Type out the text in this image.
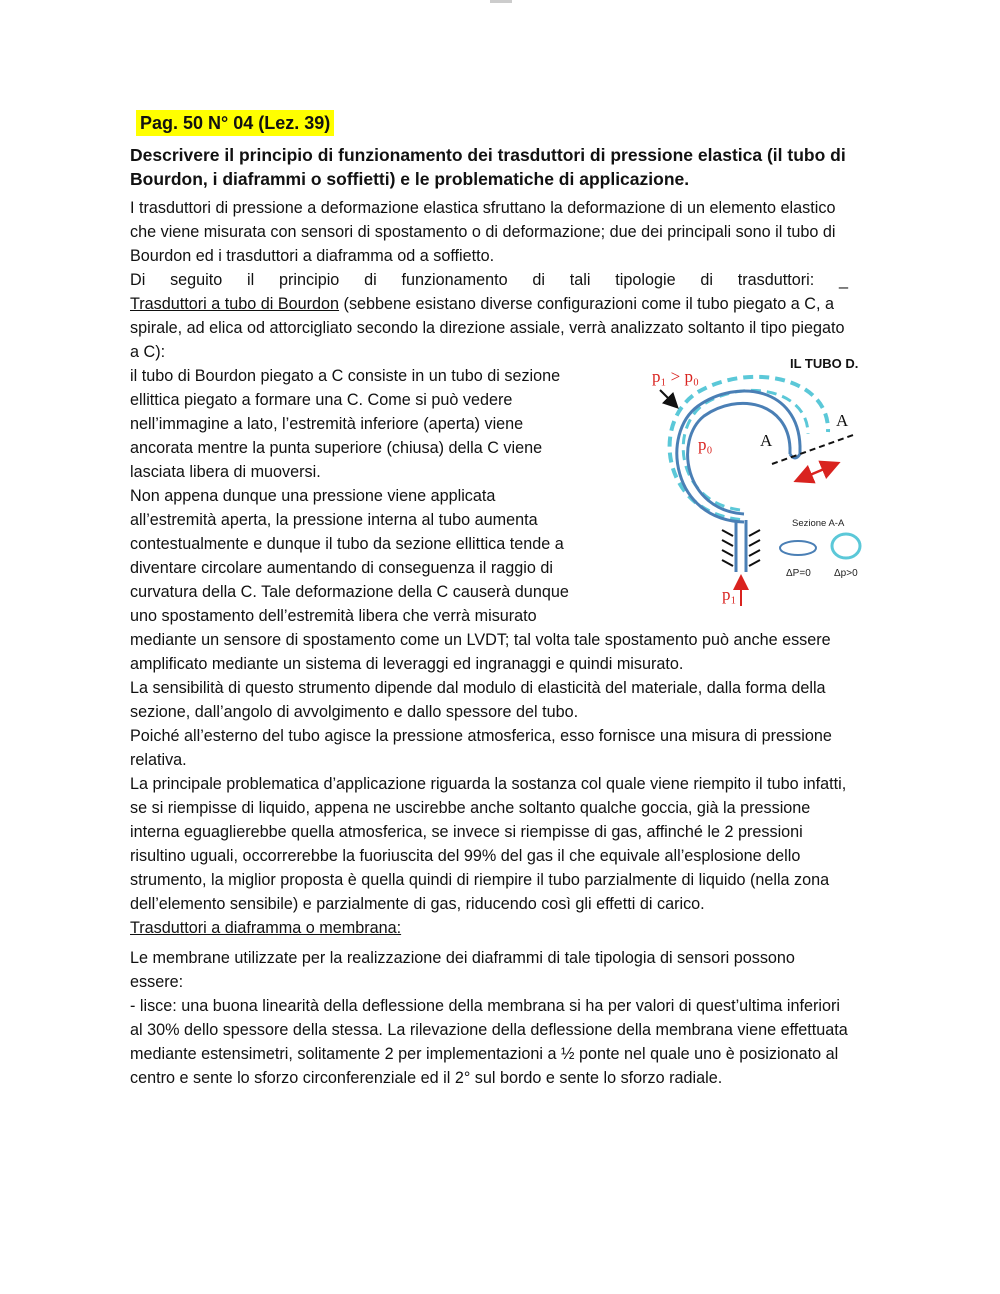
Pag. 50 N° 04 (Lez. 39)
Descrivere il principio di funzionamento dei trasduttori di pressione elastica (il tubo di Bourdon, i diaframmi o soffietti) e le problematiche di applicazione.

I trasduttori di pressione a deformazione elastica sfruttano la deformazione di un elemento elastico che viene misurata con sensori di spostamento o di deformazione; due dei principali sono il tubo di Bourdon ed i trasduttori a diaframma od a soffietto.

Di seguito il principio di funzionamento di tali tipologie di trasduttori: _

Trasduttori a tubo di Bourdon (sebbene esistano diverse configurazioni come il tubo piegato a C, a spirale, ad elica od attorcigliato secondo la direzione assiale, verrà analizzato soltanto il tipo piegato a C):

il tubo di Bourdon piegato a C consiste in un tubo di sezione
ellittica piegato a formare una C. Come si può vedere
nell’immagine a lato, l’estremità inferiore (aperta) viene
ancorata mentre la punta superiore (chiusa) della C viene
lasciata libera di muoversi.
Non appena dunque una pressione viene applicata
all’estremità aperta, la pressione interna al tubo aumenta
contestualmente e dunque il tubo da sezione ellittica tende a
diventare circolare aumentando di conseguenza il raggio di
curvatura della C. Tale deformazione della C causerà dunque
uno spostamento dell’estremità libera che verrà misurato

mediante un sensore di spostamento come un LVDT; tal volta tale spostamento può anche essere amplificato mediante un sistema di leveraggi ed ingranaggi e quindi misurato.

La sensibilità di questo strumento dipende dal modulo di elasticità del materiale, dalla forma della sezione, dall’angolo di avvolgimento e dallo spessore del tubo.

Poiché all’esterno del tubo agisce la pressione atmosferica, esso fornisce una misura di pressione relativa.

La principale problematica d’applicazione riguarda la sostanza col quale viene riempito il tubo infatti, se si riempisse di liquido, appena ne uscirebbe anche soltanto qualche goccia, già la pressione interna eguaglierebbe quella atmosferica, se invece si riempisse di gas, affinché le 2 pressioni risultino uguali, occorrerebbe la fuoriuscita del 99% del gas il che equivale all’esplosione dello strumento, la miglior proposta è quella quindi di riempire il tubo parzialmente di liquido (nella zona dell’elemento sensibile) e parzialmente di gas, riducendo così gli effetti di carico.

Trasduttori a diaframma o membrana:

Le membrane utilizzate per la realizzazione dei diaframmi di tale tipologia di sensori possono essere:

- lisce: una buona linearità della deflessione della membrana si ha per valori di quest’ultima inferiori al 30% dello spessore della stessa. La rilevazione della deflessione della membrana viene effettuata mediante estensimetri, solitamente 2 per implementazioni a ½ ponte nel quale uno è posizionato al centro e sente lo sforzo circonferenziale ed il 2° sul bordo e sente lo sforzo radiale.

IL TUBO D.
p₁ > p₀
p₀	A
A
Sezione A-A
ΔP=0 Δp>0
p₁
